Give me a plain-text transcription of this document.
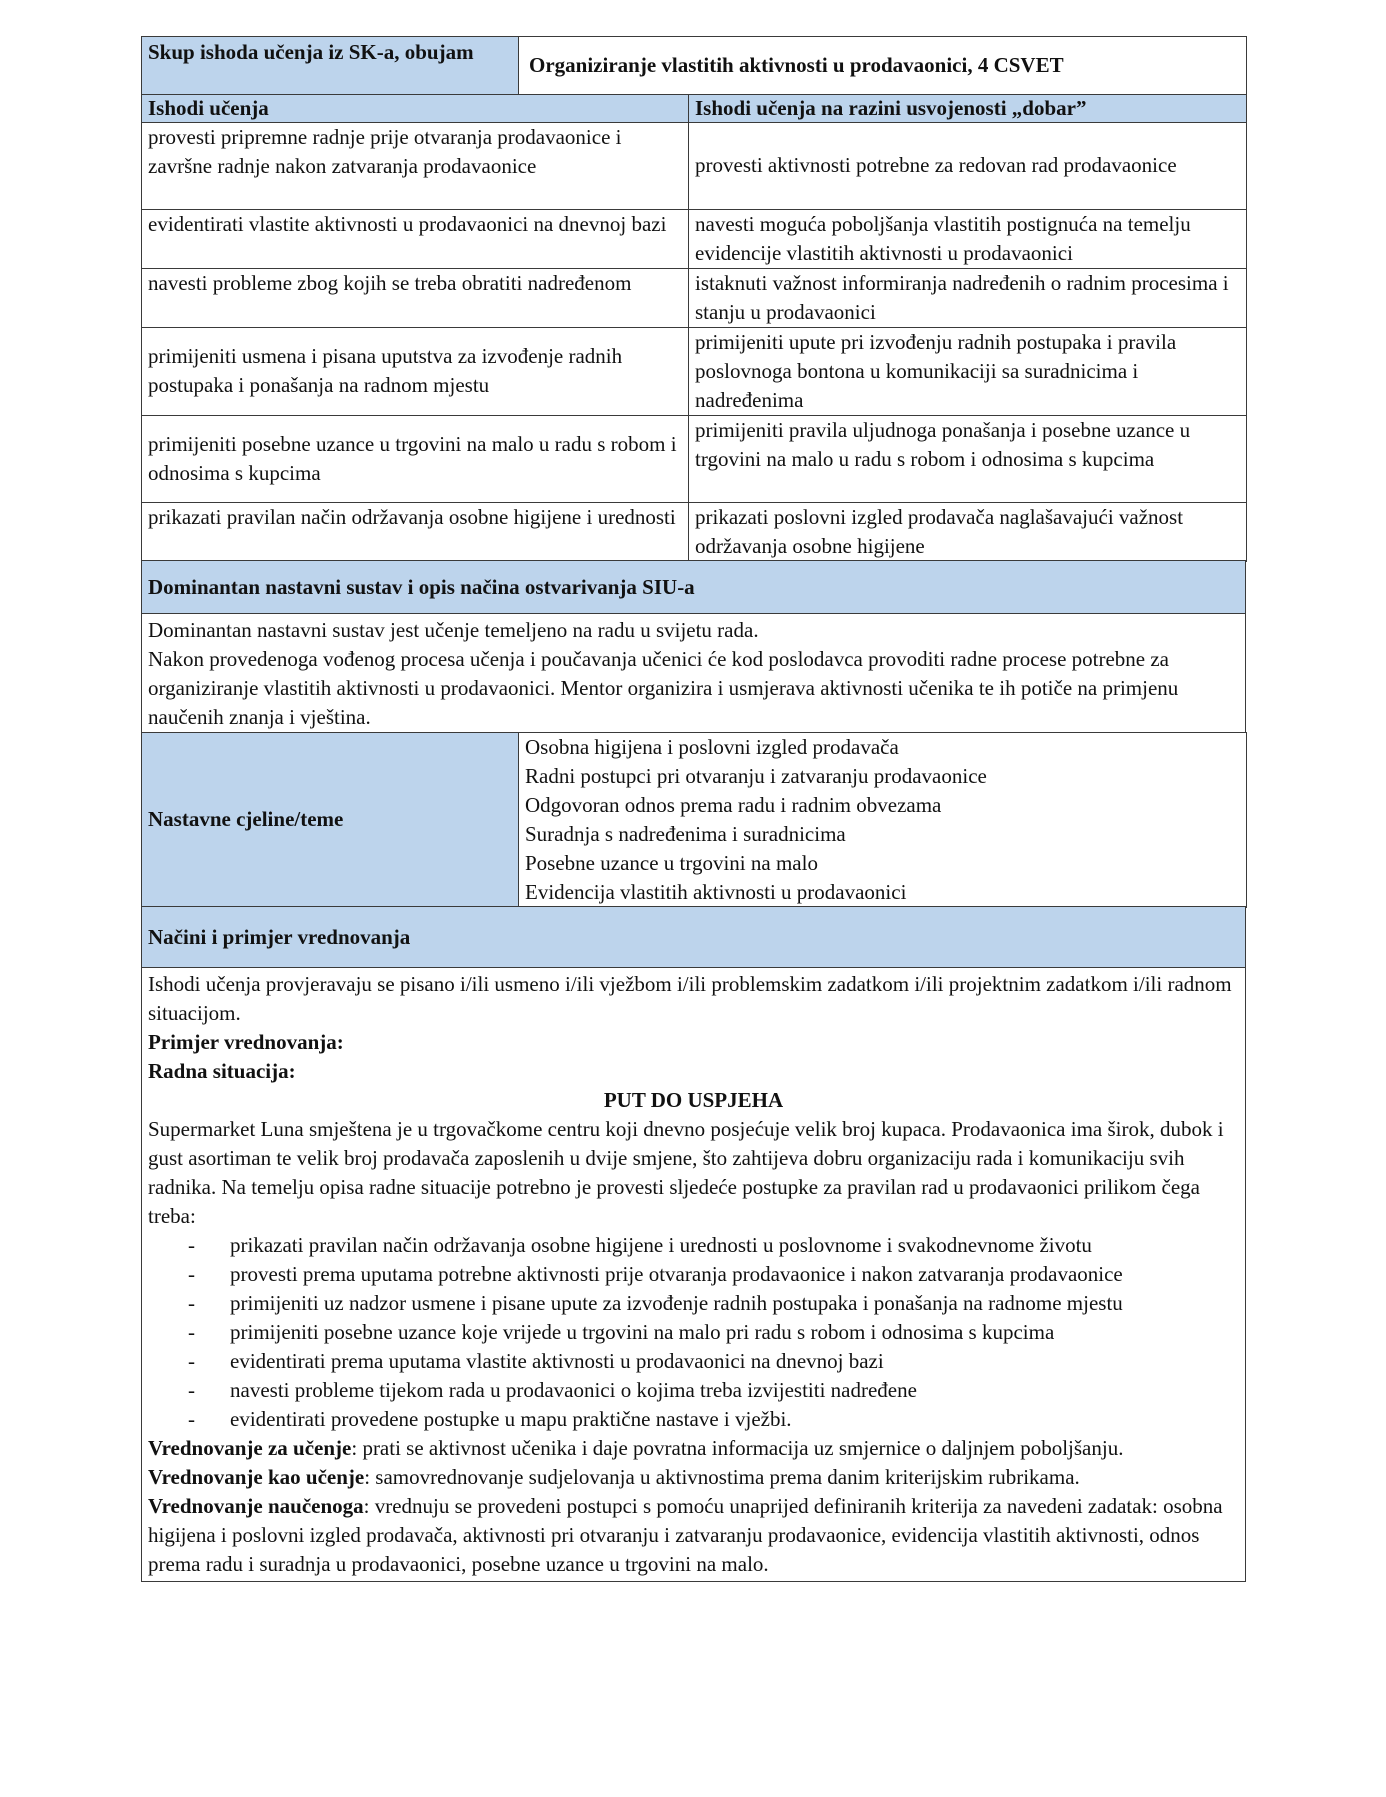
Skup ishoda učenja iz SK-a, obujam	Organiziranje vlastitih aktivnosti u prodavaonici, 4 CSVET
Ishodi učenja	Ishodi učenja na razini usvojenosti „dobar”
provesti pripremne radnje prije otvaranja prodavaonice i završne radnje nakon zatvaranja prodavaonice	provesti aktivnosti potrebne za redovan rad prodavaonice
evidentirati vlastite aktivnosti u prodavaonici na dnevnoj bazi	navesti moguća poboljšanja vlastitih postignuća na temelju evidencije vlastitih aktivnosti u prodavaonici
navesti probleme zbog kojih se treba obratiti nadređenom	istaknuti važnost informiranja nadređenih o radnim procesima i stanju u prodavaonici
primijeniti usmena i pisana uputstva za izvođenje radnih postupaka i ponašanja na radnom mjestu	primijeniti upute pri izvođenju radnih postupaka i pravila poslovnoga bontona u komunikaciji sa suradnicima i nadređenima
primijeniti posebne uzance u trgovini na malo u radu s robom i odnosima s kupcima	primijeniti pravila uljudnoga ponašanja i posebne uzance u trgovini na malo u radu s robom i odnosima s kupcima
prikazati pravilan način održavanja osobne higijene i urednosti	prikazati poslovni izgled prodavača naglašavajući važnost održavanja osobne higijene
Dominantan nastavni sustav i opis načina ostvarivanja SIU-a

Dominantan nastavni sustav jest učenje temeljeno na radu u svijetu rada.

Nakon provedenoga vođenog procesa učenja i poučavanja učenici će kod poslodavca provoditi radne procese potrebne za organiziranje vlastitih aktivnosti u prodavaonici. Mentor organizira i usmjerava aktivnosti učenika te ih potiče na primjenu naučenih znanja i vještina.

Nastavne cjeline/teme	
Osobna higijena i poslovni izgled prodavača
Radni postupci pri otvaranju i zatvaranju prodavaonice
Odgovoran odnos prema radu i radnim obvezama
Suradnja s nadređenima i suradnicima
Posebne uzance u trgovini na malo
Evidencija vlastitih aktivnosti u prodavaonici
Načini i primjer vrednovanja

Ishodi učenja provjeravaju se pisano i/ili usmeno i/ili vježbom i/ili problemskim zadatkom i/ili projektnim zadatkom i/ili radnom situacijom.

Primjer vrednovanja:

Radna situacija:

PUT DO USPJEHA

Supermarket Luna smještena je u trgovačkome centru koji dnevno posjećuje velik broj kupaca. Prodavaonica ima širok, dubok i gust asortiman te velik broj prodavača zaposlenih u dvije smjene, što zahtijeva dobru organizaciju rada i komunikaciju svih radnika. Na temelju opisa radne situacije potrebno je provesti sljedeće postupke za pravilan rad u prodavaonici prilikom čega treba:

- prikazati pravilan način održavanja osobne higijene i urednosti u poslovnome i svakodnevnome životu
- provesti prema uputama potrebne aktivnosti prije otvaranja prodavaonice i nakon zatvaranja prodavaonice
- primijeniti uz nadzor usmene i pisane upute za izvođenje radnih postupaka i ponašanja na radnome mjestu
- primijeniti posebne uzance koje vrijede u trgovini na malo pri radu s robom i odnosima s kupcima
- evidentirati prema uputama vlastite aktivnosti u prodavaonici na dnevnoj bazi
- navesti probleme tijekom rada u prodavaonici o kojima treba izvijestiti nadređene
- evidentirati provedene postupke u mapu praktične nastave i vježbi.

Vrednovanje za učenje: prati se aktivnost učenika i daje povratna informacija uz smjernice o daljnjem poboljšanju.

Vrednovanje kao učenje: samovrednovanje sudjelovanja u aktivnostima prema danim kriterijskim rubrikama.

Vrednovanje naučenoga: vrednuju se provedeni postupci s pomoću unaprijed definiranih kriterija za navedeni zadatak: osobna higijena i poslovni izgled prodavača, aktivnosti pri otvaranju i zatvaranju prodavaonice, evidencija vlastitih aktivnosti, odnos prema radu i suradnja u prodavaonici, posebne uzance u trgovini na malo.
